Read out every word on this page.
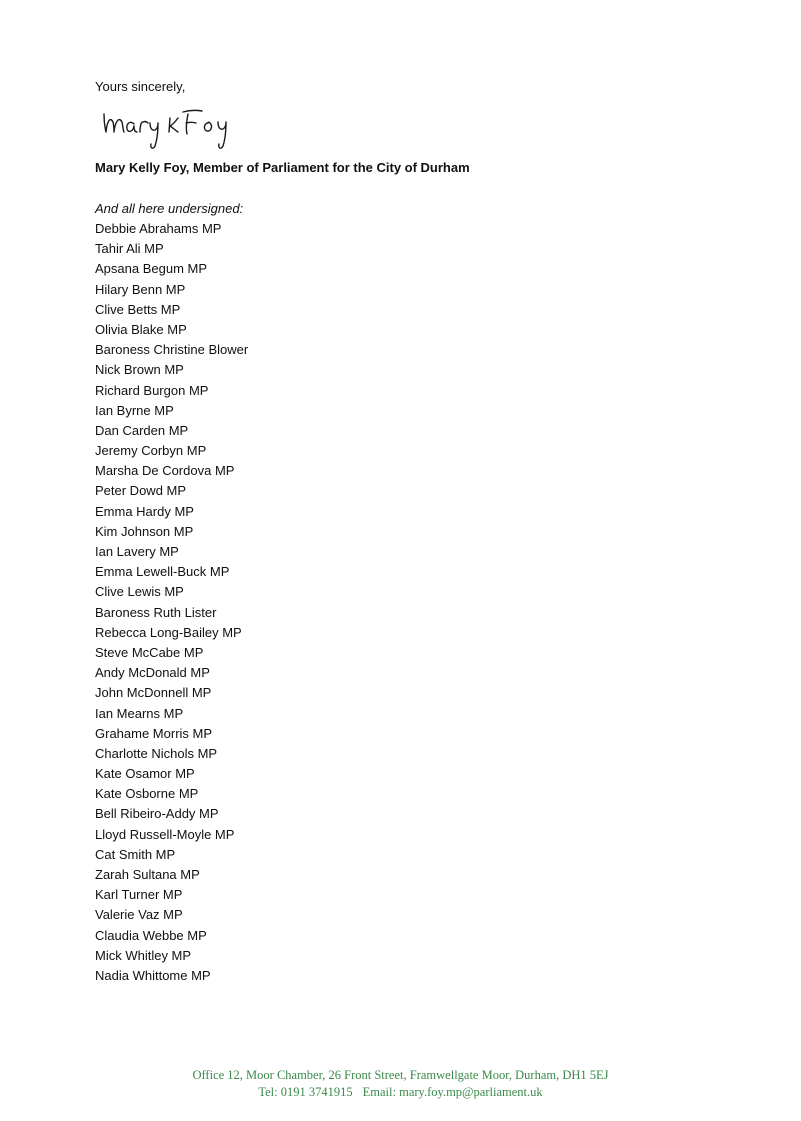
Yours sincerely,
Mary Kelly Foy, Member of Parliament for the City of Durham
And all here undersigned:
Debbie Abrahams MP
Tahir Ali MP
Apsana Begum MP
Hilary Benn MP
Clive Betts MP
Olivia Blake MP
Baroness Christine Blower
Nick Brown MP
Richard Burgon MP
Ian Byrne MP
Dan Carden MP
Jeremy Corbyn MP
Marsha De Cordova MP
Peter Dowd MP
Emma Hardy MP
Kim Johnson MP
Ian Lavery MP
Emma Lewell-Buck MP
Clive Lewis MP
Baroness Ruth Lister
Rebecca Long-Bailey MP
Steve McCabe MP
Andy McDonald MP
John McDonnell MP
Ian Mearns MP
Grahame Morris MP
Charlotte Nichols MP
Kate Osamor MP
Kate Osborne MP
Bell Ribeiro-Addy MP
Lloyd Russell-Moyle MP
Cat Smith MP
Zarah Sultana MP
Karl Turner MP
Valerie Vaz MP
Claudia Webbe MP
Mick Whitley MP
Nadia Whittome MP
Office 12, Moor Chamber, 26 Front Street, Framwellgate Moor, Durham, DH1 5EJ
Tel: 0191 3741915 Email: mary.foy.mp@parliament.uk
